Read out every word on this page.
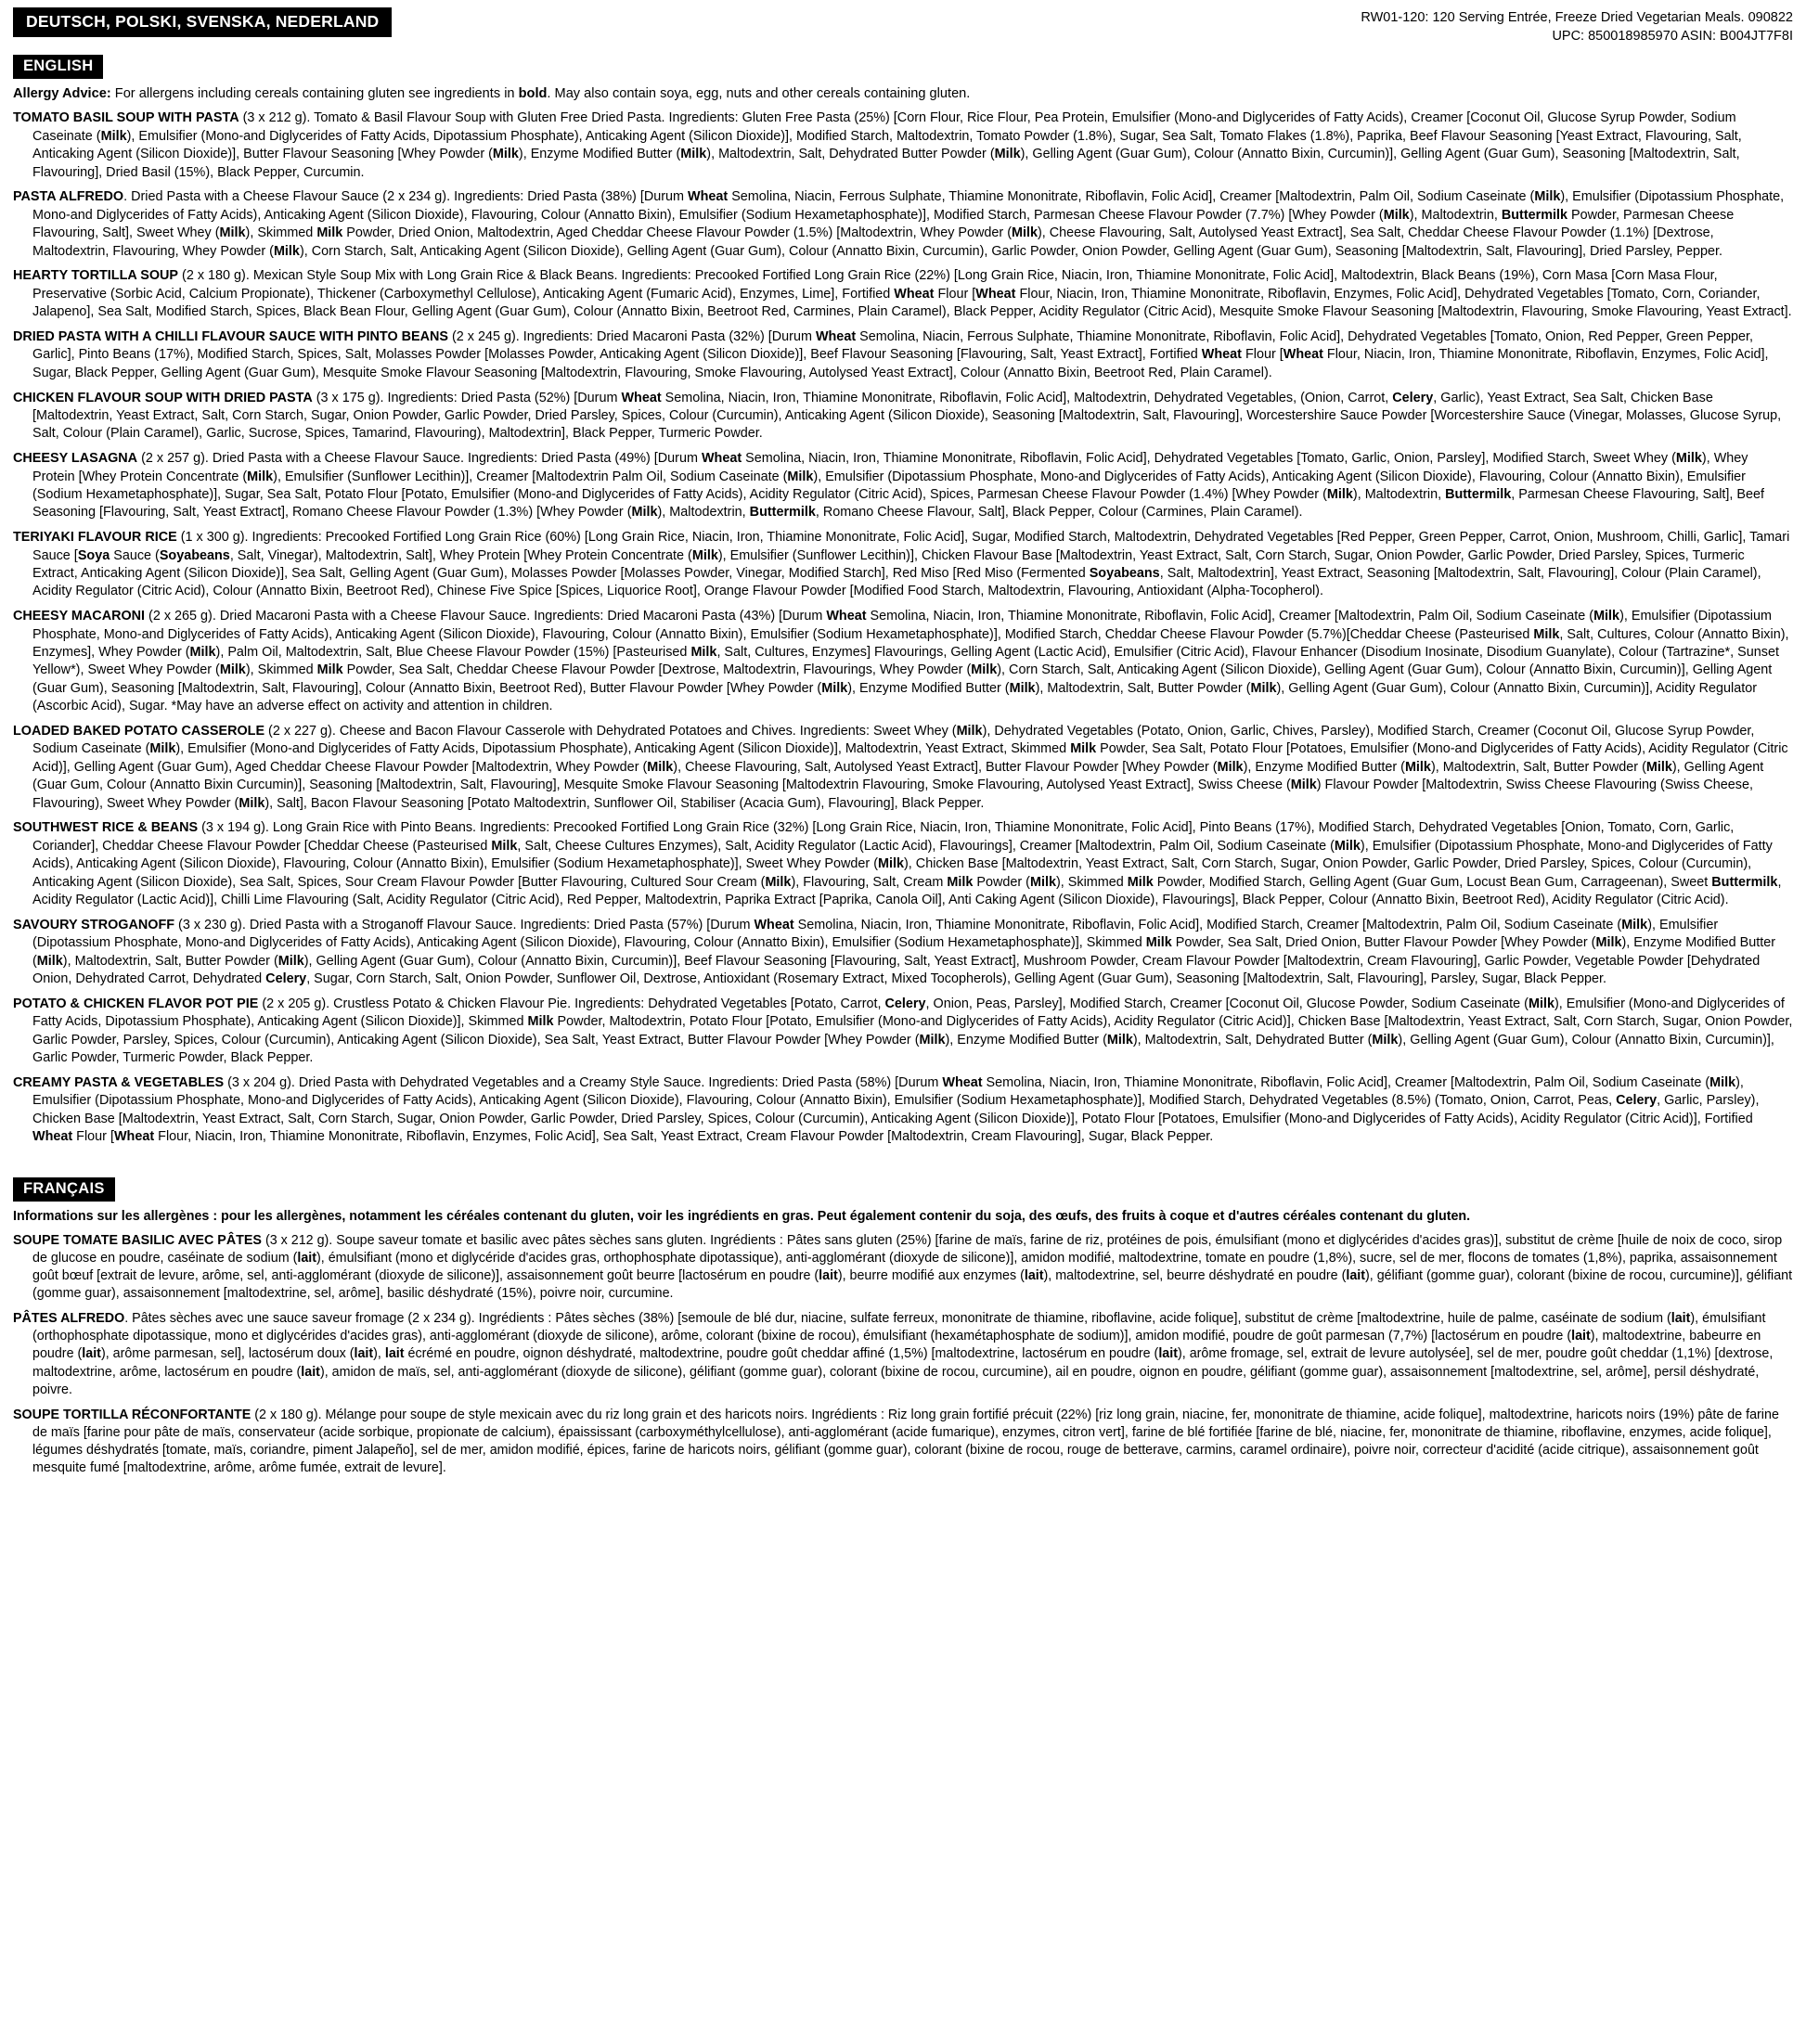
DEUTSCH, POLSKI, SVENSKA, NEDERLAND	RW01-120: 120 Serving Entrée, Freeze Dried Vegetarian Meals. 090822
UPC: 850018985970 ASIN: B004JT7F8I
ENGLISH
Allergy Advice: For allergens including cereals containing gluten see ingredients in bold. May also contain soya, egg, nuts and other cereals containing gluten.
TOMATO BASIL SOUP WITH PASTA (3 x 212 g). Tomato & Basil Flavour Soup with Gluten Free Dried Pasta. Ingredients: Gluten Free Pasta (25%) [Corn Flour, Rice Flour, Pea Protein, Emulsifier (Mono-and Diglycerides of Fatty Acids), Creamer [Coconut Oil, Glucose Syrup Powder, Sodium Caseinate (Milk), Emulsifier (Mono-and Diglycerides of Fatty Acids, Dipotassium Phosphate), Anticaking Agent (Silicon Dioxide)], Modified Starch, Maltodextrin, Tomato Powder (1.8%), Sugar, Sea Salt, Tomato Flakes (1.8%), Paprika, Beef Flavour Seasoning [Yeast Extract, Flavouring, Salt, Anticaking Agent (Silicon Dioxide)], Butter Flavour Seasoning [Whey Powder (Milk), Enzyme Modified Butter (Milk), Maltodextrin, Salt, Dehydrated Butter Powder (Milk), Gelling Agent (Guar Gum), Colour (Annatto Bixin, Curcumin)], Gelling Agent (Guar Gum), Seasoning [Maltodextrin, Salt, Flavouring], Dried Basil (15%), Black Pepper, Curcumin.
PASTA ALFREDO. Dried Pasta with a Cheese Flavour Sauce (2 x 234 g). Ingredients: Dried Pasta (38%) [Durum Wheat Semolina, Niacin, Ferrous Sulphate, Thiamine Mononitrate, Riboflavin, Folic Acid], Creamer [Maltodextrin, Palm Oil, Sodium Caseinate (Milk), Emulsifier (Dipotassium Phosphate, Mono-and Diglycerides of Fatty Acids), Anticaking Agent (Silicon Dioxide), Flavouring, Colour (Annatto Bixin), Emulsifier (Sodium Hexametaphosphate)], Modified Starch, Parmesan Cheese Flavour Powder (7.7%) [Whey Powder (Milk), Maltodextrin, Buttermilk Powder, Parmesan Cheese Flavouring, Salt], Sweet Whey (Milk), Skimmed Milk Powder, Dried Onion, Maltodextrin, Aged Cheddar Cheese Flavour Powder (1.5%) [Maltodextrin, Whey Powder (Milk), Cheese Flavouring, Salt, Autolysed Yeast Extract], Sea Salt, Cheddar Cheese Flavour Powder (1.1%) [Dextrose, Maltodextrin, Flavouring, Whey Powder (Milk), Corn Starch, Salt, Anticaking Agent (Silicon Dioxide), Gelling Agent (Guar Gum), Colour (Annatto Bixin, Curcumin), Garlic Powder, Onion Powder, Gelling Agent (Guar Gum), Seasoning [Maltodextrin, Salt, Flavouring], Dried Parsley, Pepper.
HEARTY TORTILLA SOUP (2 x 180 g). Mexican Style Soup Mix with Long Grain Rice & Black Beans. Ingredients: Precooked Fortified Long Grain Rice (22%) [Long Grain Rice, Niacin, Iron, Thiamine Mononitrate, Folic Acid], Maltodextrin, Black Beans (19%), Corn Masa [Corn Masa Flour, Preservative (Sorbic Acid, Calcium Propionate), Thickener (Carboxymethyl Cellulose), Anticaking Agent (Fumaric Acid), Enzymes, Lime], Fortified Wheat Flour [Wheat Flour, Niacin, Iron, Thiamine Mononitrate, Riboflavin, Enzymes, Folic Acid], Dehydrated Vegetables [Tomato, Corn, Coriander, Jalapeno], Sea Salt, Modified Starch, Spices, Black Bean Flour, Gelling Agent (Guar Gum), Colour (Annatto Bixin, Beetroot Red, Carmines, Plain Caramel), Black Pepper, Acidity Regulator (Citric Acid), Mesquite Smoke Flavour Seasoning [Maltodextrin, Flavouring, Smoke Flavouring, Yeast Extract].
DRIED PASTA WITH A CHILLI FLAVOUR SAUCE WITH PINTO BEANS (2 x 245 g). Ingredients: Dried Macaroni Pasta (32%) [Durum Wheat Semolina, Niacin, Ferrous Sulphate, Thiamine Mononitrate, Riboflavin, Folic Acid], Dehydrated Vegetables [Tomato, Onion, Red Pepper, Green Pepper, Garlic], Pinto Beans (17%), Modified Starch, Spices, Salt, Molasses Powder [Molasses Powder, Anticaking Agent (Silicon Dioxide)], Beef Flavour Seasoning [Flavouring, Salt, Yeast Extract], Fortified Wheat Flour [Wheat Flour, Niacin, Iron, Thiamine Mononitrate, Riboflavin, Enzymes, Folic Acid], Sugar, Black Pepper, Gelling Agent (Guar Gum), Mesquite Smoke Flavour Seasoning [Maltodextrin, Flavouring, Smoke Flavouring, Autolysed Yeast Extract], Colour (Annatto Bixin, Beetroot Red, Plain Caramel).
CHICKEN FLAVOUR SOUP WITH DRIED PASTA (3 x 175 g). Ingredients: Dried Pasta (52%) [Durum Wheat Semolina, Niacin, Iron, Thiamine Mononitrate, Riboflavin, Folic Acid], Maltodextrin, Dehydrated Vegetables, (Onion, Carrot, Celery, Garlic), Yeast Extract, Sea Salt, Chicken Base [Maltodextrin, Yeast Extract, Salt, Corn Starch, Sugar, Onion Powder, Garlic Powder, Dried Parsley, Spices, Colour (Curcumin), Anticaking Agent (Silicon Dioxide), Seasoning [Maltodextrin, Salt, Flavouring], Worcestershire Sauce Powder [Worcestershire Sauce (Vinegar, Molasses, Glucose Syrup, Salt, Colour (Plain Caramel), Garlic, Sucrose, Spices, Tamarind, Flavouring), Maltodextrin], Black Pepper, Turmeric Powder.
CHEESY LASAGNA (2 x 257 g). Dried Pasta with a Cheese Flavour Sauce. Ingredients: Dried Pasta (49%) [Durum Wheat Semolina, Niacin, Iron, Thiamine Mononitrate, Riboflavin, Folic Acid], Dehydrated Vegetables [Tomato, Garlic, Onion, Parsley], Modified Starch, Sweet Whey (Milk), Whey Protein [Whey Protein Concentrate (Milk), Emulsifier (Sunflower Lecithin)], Creamer [Maltodextrin Palm Oil, Sodium Caseinate (Milk), Emulsifier (Dipotassium Phosphate, Mono-and Diglycerides of Fatty Acids), Anticaking Agent (Silicon Dioxide), Flavouring, Colour (Annatto Bixin), Emulsifier (Sodium Hexametaphosphate)], Sugar, Sea Salt, Potato Flour [Potato, Emulsifier (Mono-and Diglycerides of Fatty Acids), Acidity Regulator (Citric Acid), Spices, Parmesan Cheese Flavour Powder (1.4%) [Whey Powder (Milk), Maltodextrin, Buttermilk, Parmesan Cheese Flavouring, Salt], Beef Seasoning [Flavouring, Salt, Yeast Extract], Romano Cheese Flavour Powder (1.3%) [Whey Powder (Milk), Maltodextrin, Buttermilk, Romano Cheese Flavour, Salt], Black Pepper, Colour (Carmines, Plain Caramel).
TERIYAKI FLAVOUR RICE (1 x 300 g). Ingredients: Precooked Fortified Long Grain Rice (60%) [Long Grain Rice, Niacin, Iron, Thiamine Mononitrate, Folic Acid], Sugar, Modified Starch, Maltodextrin, Dehydrated Vegetables [Red Pepper, Green Pepper, Carrot, Onion, Mushroom, Chilli, Garlic], Tamari Sauce [Soya Sauce (Soyabeans, Salt, Vinegar), Maltodextrin, Salt], Whey Protein [Whey Protein Concentrate (Milk), Emulsifier (Sunflower Lecithin)], Chicken Flavour Base [Maltodextrin, Yeast Extract, Salt, Corn Starch, Sugar, Onion Powder, Garlic Powder, Dried Parsley, Spices, Turmeric Extract, Anticaking Agent (Silicon Dioxide)], Sea Salt, Gelling Agent (Guar Gum), Molasses Powder [Molasses Powder, Vinegar, Modified Starch], Red Miso [Red Miso (Fermented Soyabeans, Salt, Maltodextrin], Yeast Extract, Seasoning [Maltodextrin, Salt, Flavouring], Colour (Plain Caramel), Acidity Regulator (Citric Acid), Colour (Annatto Bixin, Beetroot Red), Chinese Five Spice [Spices, Liquorice Root], Orange Flavour Powder [Modified Food Starch, Maltodextrin, Flavouring, Antioxidant (Alpha-Tocopherol).
CHEESY MACARONI (2 x 265 g). Dried Macaroni Pasta with a Cheese Flavour Sauce. Ingredients: Dried Macaroni Pasta (43%) [Durum Wheat Semolina, Niacin, Iron, Thiamine Mononitrate, Riboflavin, Folic Acid], Creamer [Maltodextrin, Palm Oil, Sodium Caseinate (Milk), Emulsifier (Dipotassium Phosphate, Mono-and Diglycerides of Fatty Acids), Anticaking Agent (Silicon Dioxide), Flavouring, Colour (Annatto Bixin), Emulsifier (Sodium Hexametaphosphate)], Modified Starch, Cheddar Cheese Flavour Powder (5.7%)[Cheddar Cheese (Pasteurised Milk, Salt, Cultures, Colour (Annatto Bixin), Enzymes], Whey Powder (Milk), Palm Oil, Maltodextrin, Salt, Blue Cheese Flavour Powder (15%) [Pasteurised Milk, Salt, Cultures, Enzymes] Flavourings, Gelling Agent (Lactic Acid), Emulsifier (Citric Acid), Flavour Enhancer (Disodium Inosinate, Disodium Guanylate), Colour (Tartrazine*, Sunset Yellow*), Sweet Whey Powder (Milk), Skimmed Milk Powder, Sea Salt, Cheddar Cheese Flavour Powder [Dextrose, Maltodextrin, Flavourings, Whey Powder (Milk), Corn Starch, Salt, Anticaking Agent (Silicon Dioxide), Gelling Agent (Guar Gum), Colour (Annatto Bixin, Curcumin)], Gelling Agent (Guar Gum), Seasoning [Maltodextrin, Salt, Flavouring], Colour (Annatto Bixin, Beetroot Red), Butter Flavour Powder [Whey Powder (Milk), Enzyme Modified Butter (Milk), Maltodextrin, Salt, Butter Powder (Milk), Gelling Agent (Guar Gum), Colour (Annatto Bixin, Curcumin)], Acidity Regulator (Ascorbic Acid), Sugar. *May have an adverse effect on activity and attention in children.
LOADED BAKED POTATO CASSEROLE (2 x 227 g). Cheese and Bacon Flavour Casserole with Dehydrated Potatoes and Chives. Ingredients: Sweet Whey (Milk), Dehydrated Vegetables (Potato, Onion, Garlic, Chives, Parsley), Modified Starch, Creamer (Coconut Oil, Glucose Syrup Powder, Sodium Caseinate (Milk), Emulsifier (Mono-and Diglycerides of Fatty Acids, Dipotassium Phosphate), Anticaking Agent (Silicon Dioxide)], Maltodextrin, Yeast Extract, Skimmed Milk Powder, Sea Salt, Potato Flour [Potatoes, Emulsifier (Mono-and Diglycerides of Fatty Acids), Acidity Regulator (Citric Acid)], Gelling Agent (Guar Gum), Aged Cheddar Cheese Flavour Powder [Maltodextrin, Whey Powder (Milk), Cheese Flavouring, Salt, Autolysed Yeast Extract], Butter Flavour Powder [Whey Powder (Milk), Enzyme Modified Butter (Milk), Maltodextrin, Salt, Butter Powder (Milk), Gelling Agent (Guar Gum, Colour (Annatto Bixin Curcumin)], Seasoning [Maltodextrin, Salt, Flavouring], Mesquite Smoke Flavour Seasoning [Maltodextrin Flavouring, Smoke Flavouring, Autolysed Yeast Extract], Swiss Cheese (Milk) Flavour Powder [Maltodextrin, Swiss Cheese Flavouring (Swiss Cheese, Flavouring), Sweet Whey Powder (Milk), Salt], Bacon Flavour Seasoning [Potato Maltodextrin, Sunflower Oil, Stabiliser (Acacia Gum), Flavouring], Black Pepper.
SOUTHWEST RICE & BEANS (3 x 194 g). Long Grain Rice with Pinto Beans. Ingredients: Precooked Fortified Long Grain Rice (32%) [Long Grain Rice, Niacin, Iron, Thiamine Mononitrate, Folic Acid], Pinto Beans (17%), Modified Starch, Dehydrated Vegetables [Onion, Tomato, Corn, Garlic, Coriander], Cheddar Cheese Flavour Powder [Cheddar Cheese (Pasteurised Milk, Salt, Cheese Cultures Enzymes), Salt, Acidity Regulator (Lactic Acid), Flavourings], Creamer [Maltodextrin, Palm Oil, Sodium Caseinate (Milk), Emulsifier (Dipotassium Phosphate, Mono-and Diglycerides of Fatty Acids), Anticaking Agent (Silicon Dioxide), Flavouring, Colour (Annatto Bixin), Emulsifier (Sodium Hexametaphosphate)], Sweet Whey Powder (Milk), Chicken Base [Maltodextrin, Yeast Extract, Salt, Corn Starch, Sugar, Onion Powder, Garlic Powder, Dried Parsley, Spices, Colour (Curcumin), Anticaking Agent (Silicon Dioxide), Sea Salt, Spices, Sour Cream Flavour Powder [Butter Flavouring, Cultured Sour Cream (Milk), Flavouring, Salt, Cream Milk Powder (Milk), Skimmed Milk Powder, Modified Starch, Gelling Agent (Guar Gum, Locust Bean Gum, Carrageenan), Sweet Buttermilk, Acidity Regulator (Lactic Acid)], Chilli Lime Flavouring (Salt, Acidity Regulator (Citric Acid), Red Pepper, Maltodextrin, Paprika Extract [Paprika, Canola Oil], Anti Caking Agent (Silicon Dioxide), Flavourings], Black Pepper, Colour (Annatto Bixin, Beetroot Red), Acidity Regulator (Citric Acid).
SAVOURY STROGANOFF (3 x 230 g). Dried Pasta with a Stroganoff Flavour Sauce. Ingredients: Dried Pasta (57%) [Durum Wheat Semolina, Niacin, Iron, Thiamine Mononitrate, Riboflavin, Folic Acid], Modified Starch, Creamer [Maltodextrin, Palm Oil, Sodium Caseinate (Milk), Emulsifier (Dipotassium Phosphate, Mono-and Diglycerides of Fatty Acids), Anticaking Agent (Silicon Dioxide), Flavouring, Colour (Annatto Bixin), Emulsifier (Sodium Hexametaphosphate)], Skimmed Milk Powder, Sea Salt, Dried Onion, Butter Flavour Powder [Whey Powder (Milk), Enzyme Modified Butter (Milk), Maltodextrin, Salt, Butter Powder (Milk), Gelling Agent (Guar Gum), Colour (Annatto Bixin, Curcumin)], Beef Flavour Seasoning [Flavouring, Salt, Yeast Extract], Mushroom Powder, Cream Flavour Powder [Maltodextrin, Cream Flavouring], Garlic Powder, Vegetable Powder [Dehydrated Onion, Dehydrated Carrot, Dehydrated Celery, Sugar, Corn Starch, Salt, Onion Powder, Sunflower Oil, Dextrose, Antioxidant (Rosemary Extract, Mixed Tocopherols), Gelling Agent (Guar Gum), Seasoning [Maltodextrin, Salt, Flavouring], Parsley, Sugar, Black Pepper.
POTATO & CHICKEN FLAVOR POT PIE (2 x 205 g). Crustless Potato & Chicken Flavour Pie. Ingredients: Dehydrated Vegetables [Potato, Carrot, Celery, Onion, Peas, Parsley], Modified Starch, Creamer [Coconut Oil, Glucose Powder, Sodium Caseinate (Milk), Emulsifier (Mono-and Diglycerides of Fatty Acids, Dipotassium Phosphate), Anticaking Agent (Silicon Dioxide)], Skimmed Milk Powder, Maltodextrin, Potato Flour [Potato, Emulsifier (Mono-and Diglycerides of Fatty Acids), Acidity Regulator (Citric Acid)], Chicken Base [Maltodextrin, Yeast Extract, Salt, Corn Starch, Sugar, Onion Powder, Garlic Powder, Parsley, Spices, Colour (Curcumin), Anticaking Agent (Silicon Dioxide), Sea Salt, Yeast Extract, Butter Flavour Powder [Whey Powder (Milk), Enzyme Modified Butter (Milk), Maltodextrin, Salt, Dehydrated Butter (Milk), Gelling Agent (Guar Gum), Colour (Annatto Bixin, Curcumin)], Garlic Powder, Turmeric Powder, Black Pepper.
CREAMY PASTA & VEGETABLES (3 x 204 g). Dried Pasta with Dehydrated Vegetables and a Creamy Style Sauce. Ingredients: Dried Pasta (58%) [Durum Wheat Semolina, Niacin, Iron, Thiamine Mononitrate, Riboflavin, Folic Acid], Creamer [Maltodextrin, Palm Oil, Sodium Caseinate (Milk), Emulsifier (Dipotassium Phosphate, Mono-and Diglycerides of Fatty Acids), Anticaking Agent (Silicon Dioxide), Flavouring, Colour (Annatto Bixin), Emulsifier (Sodium Hexametaphosphate)], Modified Starch, Dehydrated Vegetables (8.5%) (Tomato, Onion, Carrot, Peas, Celery, Garlic, Parsley), Chicken Base [Maltodextrin, Yeast Extract, Salt, Corn Starch, Sugar, Onion Powder, Garlic Powder, Dried Parsley, Spices, Colour (Curcumin), Anticaking Agent (Silicon Dioxide)], Potato Flour [Potatoes, Emulsifier (Mono-and Diglycerides of Fatty Acids), Acidity Regulator (Citric Acid)], Fortified Wheat Flour [Wheat Flour, Niacin, Iron, Thiamine Mononitrate, Riboflavin, Enzymes, Folic Acid], Sea Salt, Yeast Extract, Cream Flavour Powder [Maltodextrin, Cream Flavouring], Sugar, Black Pepper.
FRANÇAIS
Informations sur les allergènes : pour les allergènes, notamment les céréales contenant du gluten, voir les ingrédients en gras. Peut également contenir du soja, des œufs, des fruits à coque et d'autres céréales contenant du gluten.
SOUPE TOMATE BASILIC AVEC PÂTES (3 x 212 g). Soupe saveur tomate et basilic avec pâtes sèches sans gluten. Ingrédients : Pâtes sans gluten (25%) [farine de maïs, farine de riz, protéines de pois, émulsifiant (mono et diglycérides d'acides gras)], substitut de crème [huile de noix de coco, sirop de glucose en poudre, caséinate de sodium (lait), émulsifiant (mono et diglycéride d'acides gras, orthophosphate dipotassique), anti-agglomérant (dioxyde de silicone)], amidon modifié, maltodextrine, tomate en poudre (1,8%), sucre, sel de mer, flocons de tomates (1,8%), paprika, assaisonnement goût bœuf [extrait de levure, arôme, sel, anti-agglomérant (dioxyde de silicone)], assaisonnement goût beurre [lactosérum en poudre (lait), beurre modifié aux enzymes (lait), maltodextrine, sel, beurre déshydraté en poudre (lait), gélifiant (gomme guar), colorant (bixine de rocou, curcumine)], gélifiant (gomme guar), assaisonnement [maltodextrine, sel, arôme], basilic déshydraté (15%), poivre noir, curcumine.
PÂTES ALFREDO. Pâtes sèches avec une sauce saveur fromage (2 x 234 g). Ingrédients : Pâtes sèches (38%) [semoule de blé dur, niacine, sulfate ferreux, mononitrate de thiamine, riboflavine, acide folique], substitut de crème [maltodextrine, huile de palme, caséinate de sodium (lait), émulsifiant (orthophosphate dipotassique, mono et diglycérides d'acides gras), anti-agglomérant (dioxyde de silicone), arôme, colorant (bixine de rocou), émulsifiant (hexamétaphosphate de sodium)], amidon modifié, poudre de goût parmesan (7,7%) [lactosérum en poudre (lait), maltodextrine, babeurre en poudre (lait), arôme parmesan, sel], lactosérum doux (lait), lait écrémé en poudre, oignon déshydraté, maltodextrine, poudre goût cheddar affiné (1,5%) [maltodextrine, lactosérum en poudre (lait), arôme fromage, sel, extrait de levure autolysée], sel de mer, poudre goût cheddar (1,1%) [dextrose, maltodextrine, arôme, lactosérum en poudre (lait), amidon de maïs, sel, anti-agglomérant (dioxyde de silicone), gélifiant (gomme guar), colorant (bixine de rocou, curcumine), ail en poudre, oignon en poudre, gélifiant (gomme guar), assaisonnement [maltodextrine, sel, arôme], persil déshydraté, poivre.
SOUPE TORTILLA RÉCONFORTANTE (2 x 180 g). Mélange pour soupe de style mexicain avec du riz long grain et des haricots noirs. Ingrédients : Riz long grain fortifié précuit (22%) [riz long grain, niacine, fer, mononitrate de thiamine, acide folique], maltodextrine, haricots noirs (19%) pâte de farine de maïs [farine pour pâte de maïs, conservateur (acide sorbique, propionate de calcium), épaississant (carboxyméthylcellulose), anti-agglomérant (acide fumarique), enzymes, citron vert], farine de blé fortifiée [farine de blé, niacine, fer, mononitrate de thiamine, riboflavine, enzymes, acide folique], légumes déshydratés [tomate, maïs, coriandre, piment Jalapeño], sel de mer, amidon modifié, épices, farine de haricots noirs, gélifiant (gomme guar), colorant (bixine de rocou, rouge de betterave, carmins, caramel ordinaire), poivre noir, correcteur d'acidité (acide citrique), assaisonnement goût mesquite fumé [maltodextrine, arôme, arôme fumée, extrait de levure].
